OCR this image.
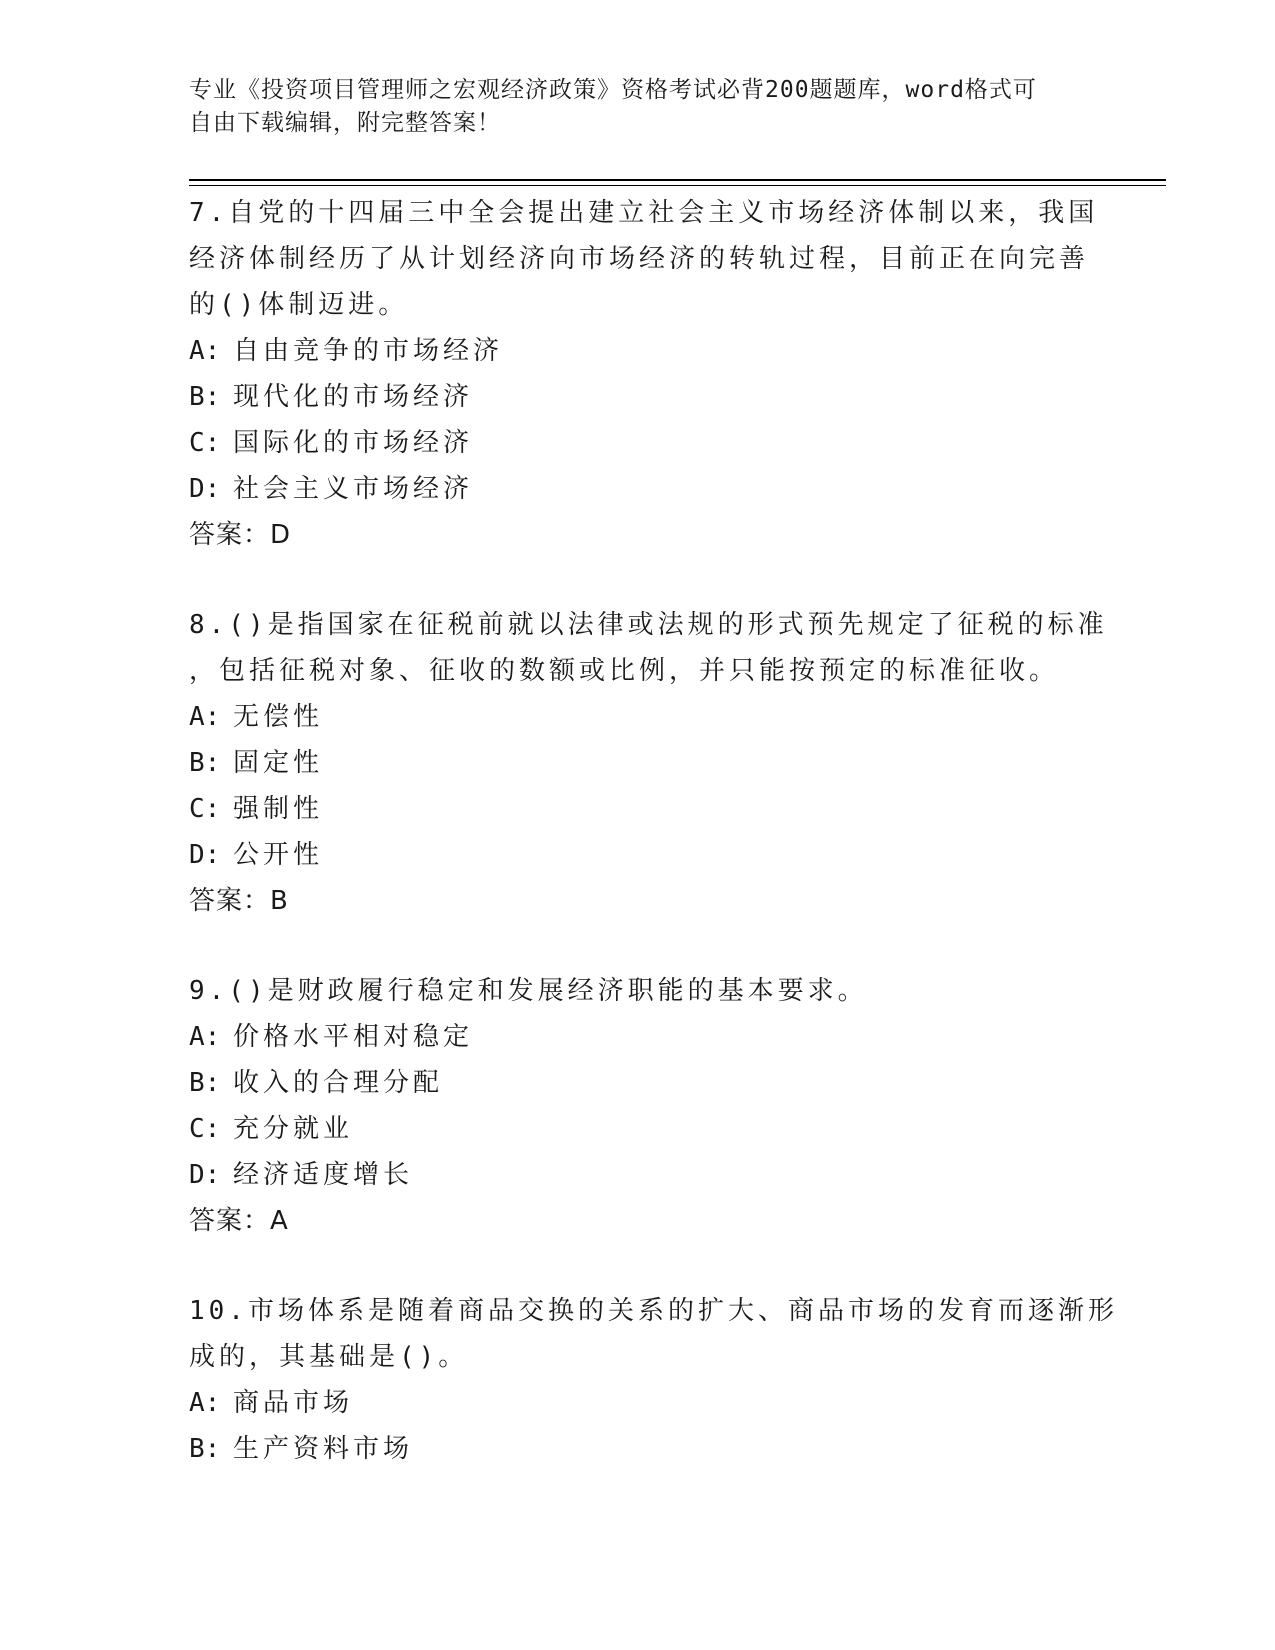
专业《投资项目管理师之宏观经济政策》资格考试必背200题题库，word格式可
自由下载编辑，附完整答案！
7.自党的十四届三中全会提出建立社会主义市场经济体制以来，我国
经济体制经历了从计划经济向市场经济的转轨过程，目前正在向完善
的()体制迈进。
A: 自由竞争的市场经济
B: 现代化的市场经济
C: 国际化的市场经济
D: 社会主义市场经济
答案：D
8.()是指国家在征税前就以法律或法规的形式预先规定了征税的标准
，包括征税对象、征收的数额或比例，并只能按预定的标准征收。
A: 无偿性
B: 固定性
C: 强制性
D: 公开性
答案：B
9.()是财政履行稳定和发展经济职能的基本要求。
A: 价格水平相对稳定
B: 收入的合理分配
C: 充分就业
D: 经济适度增长
答案：A
10.市场体系是随着商品交换的关系的扩大、商品市场的发育而逐渐形
成的，其基础是()。
A: 商品市场
B: 生产资料市场
